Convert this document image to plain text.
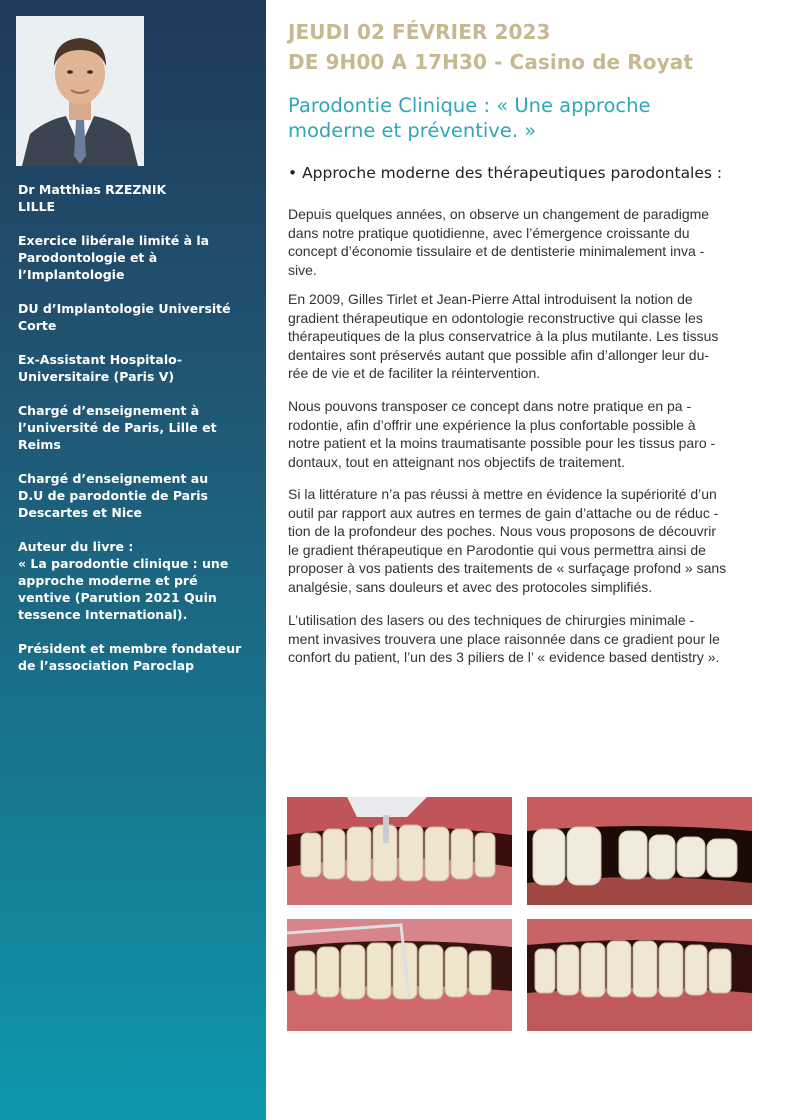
Dr Matthias RZEZNIK
LILLE
Exercice libérale limité à la
Parodontologie et à
l’Implantologie
DU d’Implantologie Université
Corte
Ex-Assistant Hospitalo-
Universitaire (Paris V)
Chargé d’enseignement à
l’université de Paris, Lille et
Reims
Chargé d’enseignement au
D.U de parodontie de Paris
Descartes et Nice
Auteur du livre :
« La parodontie clinique : une
approche moderne et pré
ventive (Parution 2021 Quin
tessence International).
Président et membre fondateur
de l’association Paroclap
JEUDI 02 FÉVRIER 2023
DE 9H00 A 17H30 - Casino de Royat
Parodontie Clinique : « Une approche
moderne et préventive. »
• Approche moderne des thérapeutiques parodontales :
Depuis quelques années, on observe un changement de paradigme
dans notre pratique quotidienne, avec l’émergence croissante du
concept d’économie tissulaire et de dentisterie minimalement inva -
sive.
En 2009, Gilles Tirlet et Jean-Pierre Attal introduisent la notion de
gradient thérapeutique en odontologie reconstructive qui classe les
thérapeutiques de la plus conservatrice à la plus mutilante. Les tissus
dentaires sont préservés autant que possible afin d’allonger leur du-
rée de vie et de faciliter la réintervention.
Nous pouvons transposer ce concept dans notre pratique en pa -
rodontie, afin d’offrir une expérience la plus confortable possible à
notre patient et la moins traumatisante possible pour les tissus paro -
dontaux, tout en atteignant nos objectifs de traitement.
Si la littérature n’a pas réussi à mettre en évidence la supériorité d’un
outil par rapport aux autres en termes de gain d’attache ou de réduc -
tion de la profondeur des poches. Nous vous proposons de découvrir
le gradient thérapeutique en Parodontie qui vous permettra ainsi de
proposer à vos patients des traitements de « surfaçage profond » sans
analgésie, sans douleurs et avec des protocoles simplifiés.
L’utilisation des lasers ou des techniques de chirurgies minimale -
ment invasives trouvera une place raisonnée dans ce gradient pour le
confort du patient, l’un des 3 piliers de l’ « evidence based dentistry ».
